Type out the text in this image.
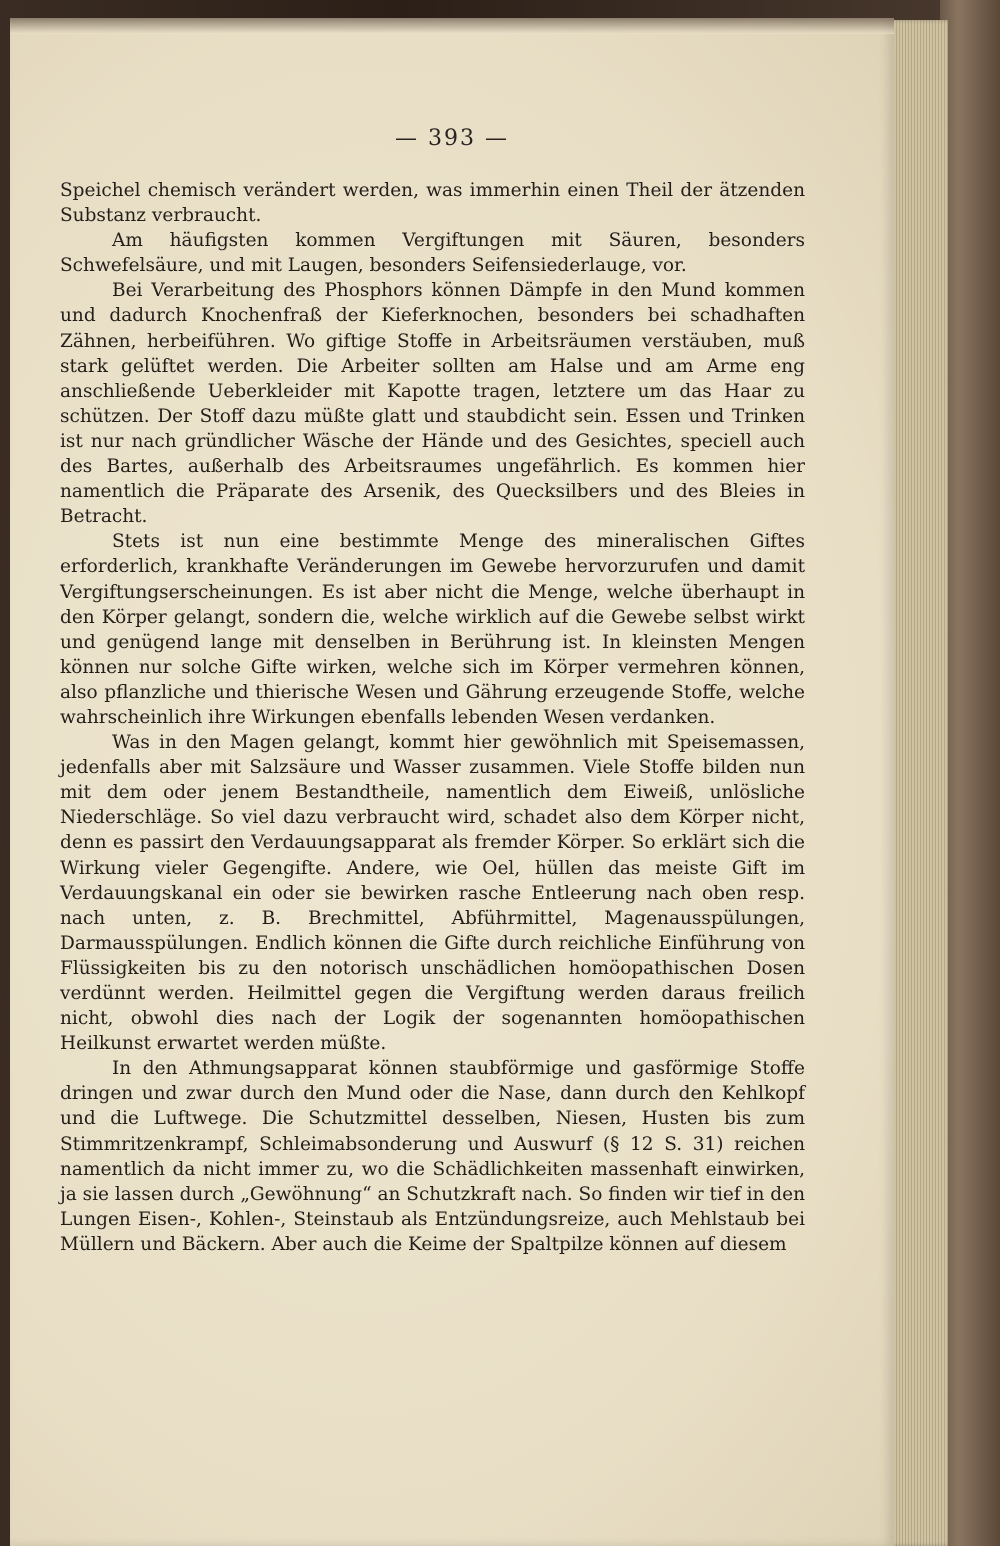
— 393 —

Speichel chemisch verändert werden, was immerhin einen Theil der ätzenden Substanz verbraucht.

Am häufigsten kommen Vergiftungen mit Säuren, besonders Schwefelsäure, und mit Laugen, besonders Seifensiederlauge, vor.

Bei Verarbeitung des Phosphors können Dämpfe in den Mund kommen und dadurch Knochenfraß der Kieferknochen, besonders bei schadhaften Zähnen, herbeiführen. Wo giftige Stoffe in Arbeitsräumen verstäuben, muß stark gelüftet werden. Die Arbeiter sollten am Halse und am Arme eng anschließende Ueberkleider mit Kapotte tragen, letztere um das Haar zu schützen. Der Stoff dazu müßte glatt und staubdicht sein. Essen und Trinken ist nur nach gründlicher Wäsche der Hände und des Gesichtes, speciell auch des Bartes, außerhalb des Arbeitsraumes ungefährlich. Es kommen hier namentlich die Präparate des Arsenik, des Quecksilbers und des Bleies in Betracht.

Stets ist nun eine bestimmte Menge des mineralischen Giftes erforderlich, krankhafte Veränderungen im Gewebe hervorzurufen und damit Vergiftungserscheinungen. Es ist aber nicht die Menge, welche überhaupt in den Körper gelangt, sondern die, welche wirklich auf die Gewebe selbst wirkt und genügend lange mit denselben in Berührung ist. In kleinsten Mengen können nur solche Gifte wirken, welche sich im Körper vermehren können, also pflanzliche und thierische Wesen und Gährung erzeugende Stoffe, welche wahrscheinlich ihre Wirkungen ebenfalls lebenden Wesen verdanken.

Was in den Magen gelangt, kommt hier gewöhnlich mit Speisemassen, jedenfalls aber mit Salzsäure und Wasser zusammen. Viele Stoffe bilden nun mit dem oder jenem Bestandtheile, namentlich dem Eiweiß, unlösliche Niederschläge. So viel dazu verbraucht wird, schadet also dem Körper nicht, denn es passirt den Verdauungsapparat als fremder Körper. So erklärt sich die Wirkung vieler Gegengifte. Andere, wie Oel, hüllen das meiste Gift im Verdauungskanal ein oder sie bewirken rasche Entleerung nach oben resp. nach unten, z. B. Brechmittel, Abführmittel, Magenausspülungen, Darmausspülungen. Endlich können die Gifte durch reichliche Einführung von Flüssigkeiten bis zu den notorisch unschädlichen homöopathischen Dosen verdünnt werden. Heilmittel gegen die Vergiftung werden daraus freilich nicht, obwohl dies nach der Logik der sogenannten homöopathischen Heilkunst erwartet werden müßte.

In den Athmungsapparat können staubförmige und gasförmige Stoffe dringen und zwar durch den Mund oder die Nase, dann durch den Kehlkopf und die Luftwege. Die Schutzmittel desselben, Niesen, Husten bis zum Stimmritzenkrampf, Schleimabsonderung und Auswurf (§ 12 S. 31) reichen namentlich da nicht immer zu, wo die Schädlichkeiten massenhaft einwirken, ja sie lassen durch „Gewöhnung“ an Schutzkraft nach. So finden wir tief in den Lungen Eisen-, Kohlen-, Steinstaub als Entzündungsreize, auch Mehlstaub bei Müllern und Bäckern. Aber auch die Keime der Spaltpilze können auf diesem
